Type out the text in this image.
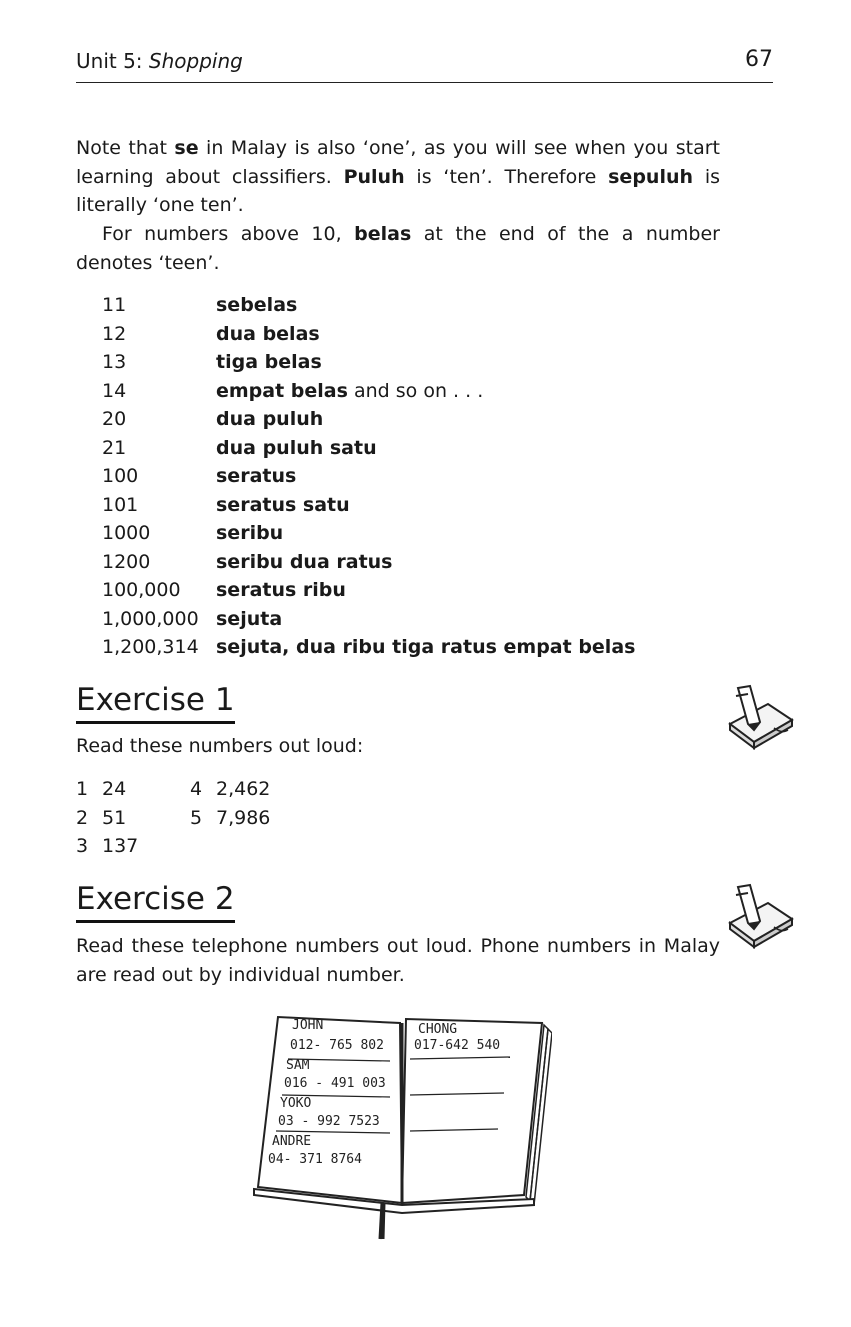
Unit 5: Shopping	67

Note that se in Malay is also ‘one’, as you will see when you start learning about classifiers. Puluh is ‘ten’. Therefore sepuluh is literally ‘one ten’.

For numbers above 10, belas at the end of the a number denotes ‘teen’.

11	sebelas
12	dua belas
13	tiga belas
14	empat belas and so on . . .
20	dua puluh
21	dua puluh satu
100	seratus
101	seratus satu
1000	seribu
1200	seribu dua ratus
100,000 seratus ribu
1,000,000 sejuta
1,200,314 sejuta, dua ribu tiga ratus empat belas
Exercise 1
Read these numbers out loud:
1 24	4 2,462
2 51	5 7,986
3 137
Exercise 2
Read these telephone numbers out loud. Phone numbers in Malay are read out by individual number.
JOHN
012- 765 802
SAM
016 - 491 003
YOKO
03 - 992 7523
ANDRE
04- 371 8764
CHONG
017-642 540
